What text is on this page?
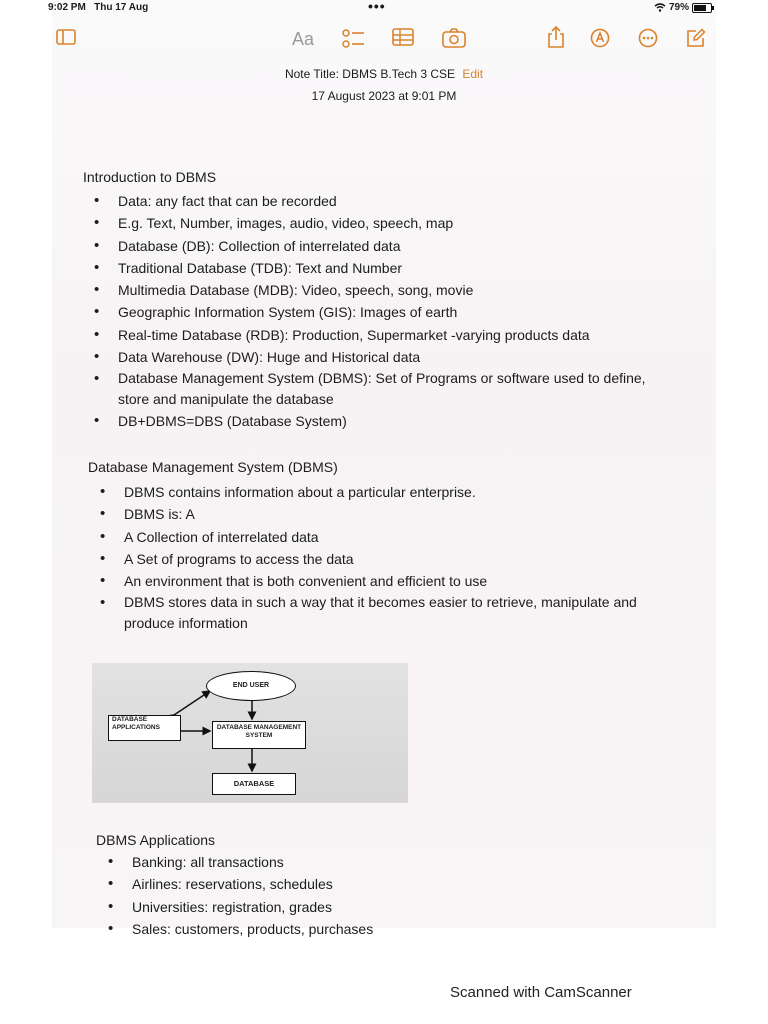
9:02 PM Thu 17 Aug	•••	79%
Aa
Note Title: DBMS B.Tech 3 CSE Edit
17 August 2023 at 9:01 PM
Introduction to DBMS
• Data: any fact that can be recorded
• E.g. Text, Number, images, audio, video, speech, map
• Database (DB): Collection of interrelated data
• Traditional Database (TDB): Text and Number
• Multimedia Database (MDB): Video, speech, song, movie
• Geographic Information System (GIS): Images of earth
• Real-time Database (RDB): Production, Supermarket -varying products data
• Data Warehouse (DW): Huge and Historical data
• Database Management System (DBMS): Set of Programs or software used to define, store and manipulate the database
• DB+DBMS=DBS (Database System)
Database Management System (DBMS)
• DBMS contains information about a particular enterprise.
• DBMS is: A
• A Collection of interrelated data
• A Set of programs to access the data
• An environment that is both convenient and efficient to use
• DBMS stores data in such a way that it becomes easier to retrieve, manipulate and produce information
END USER
DATABASE APPLICATIONS	DATABASE MANAGEMENT SYSTEM
DATABASE
DBMS Applications
• Banking: all transactions
• Airlines: reservations, schedules
• Universities: registration, grades
• Sales: customers, products, purchases
Scanned with CamScanner
